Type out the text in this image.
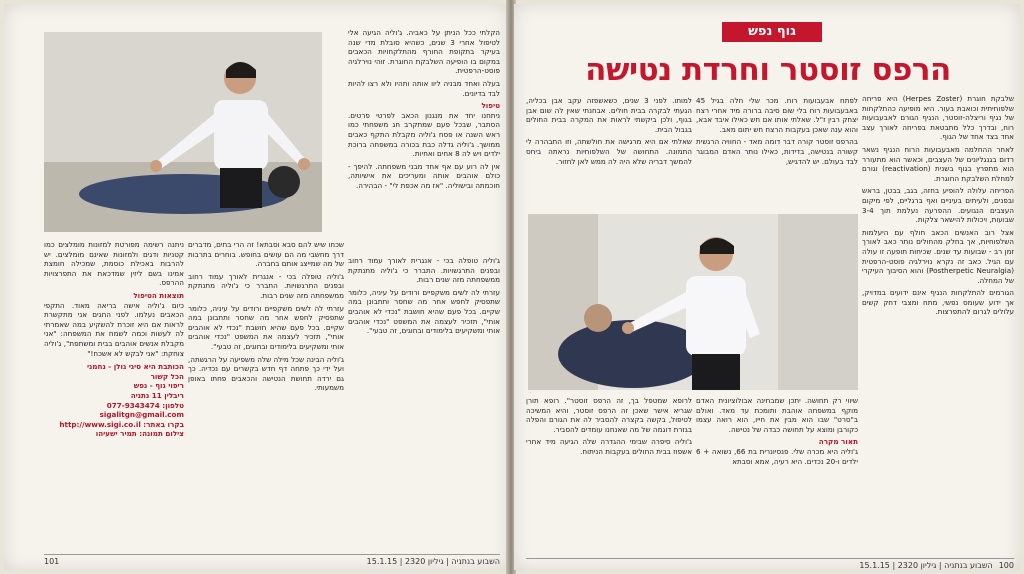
הקלתי ככל הניתן על כאביה. ג'וליה הגיעה אלי לטיפול אחרי 3 שנים, כשהיא סובלת מדי שנה בעיקר בתקופת החורף מהתלקחויות הכאבים במקום בו הופיעה השלבקת החוגרת. זוהי נוירלגיה פוסט-הרפטית.

בעלה ואחד מבניה ליוו אותה ותהיו ולא רצו להיות לבד בדיונים.

טיפול

ניתחנו יחד את מנגנון הכאב לפרטי פרטים. הסתבר, שבכל פעם שמתקרב חג משפחתי כמו ראש השנה או פסח ג'וליה מקבלת התקף כאבים ממושך. ג'וליה גדלה כבת בכורה במשפחה ברוכת ילדים ויש לה 8 אחים ואחיות.

אין לה רוע עם אף אחד מבני משפחתה. להיפך - כולם אוהבים אותה ומעריכים את אישיותה, חוכמתה ובישוליה. "אז מה אכפת לי" - הבהירה.

שכחו שיש להם סבא וסבתא! זה הרי בתים, מדברים דרך מחשבי מה הם עושים בחופש. בוחרים בתרבות של מה שמייצג אותם בחברה.

ג'וליה טופלה בכי - אנגרית לאורך עמוד רחוב ובפנים התרגשויות. התברר כי ג'וליה מתנתקת ממשפחתה מזה שנים רבות.

עזרתי לה לשים משקפיים ורודים על עיניה, כלומר שתפסיק לחפש אחר מה שחסר ותתבונן במה שקיים. בכל פעם שהיא חושבת "נכדי לא אוהבים אותי", תזכיר לעצמה את המשפט "נכדי אוהבים אותי ומשקיעים בלימודים ובחוגים, זה טבעי".

ג'וליה הבינה שכל מילה שלה משפיעה על הרגשתה, ועל ידי כך פתחה דף חדש בקשרים עם נכדיה. כך גם ירדה תחושת הנטישה והכאבים פחתו באופן משמעותי.

ג'וליה טופלה בכי - אנגרית לאורך עמוד רחוב ובפנים התרגשויות. התברר כי ג'וליה מתנתקת ממשפחתה מזה שנים רבות.

עזרתי לה לשים משקפיים ורודים על עיניה, כלומר שתפסיק לחפש אחר מה שחסר ותתבונן במה שקיים. בכל פעם שהיא חושבת "נכדי לא אוהבים אותי", תזכיר לעצמה את המשפט "נכדי אוהבים אותי ומשקיעים בלימודים ובחוגים, זה טבעי".

ניתנה רשימה מפורטת למזונות מומלצים כמו קטניות ודגים ולמזונות שאינם מומלצים. יש להרבות באכילת כוסמת, שמכילה חומצת אמינו בשם ליזין שמדכאת את התפרצויות ההרפס.

תוצאות הטיפול

כיום ג'וליה אישה בריאה מאוד. התקפי הכאבים נעלמו. לפני החגים אני מתקשרת לראות אם היא זוכרת להשקיע במה שאמרתי לה לעשות וכמה לשמח את המשפחה: "אני מקבלת אנשים אוהבים בבית ומשתפת", ג'וליה צוחקת: "אני לבקש לא אשכח!"

הכותבת היא סיגי גולן - נחמני
הכל קשור
ריפוי גוף - נפש
ריבלין 11 נתניה
טלפון: 077-9343474
sigalitgn@gmail.com
בקרו באתר: http://www.sigi.co.il
צילום תמונה: תמיר ישעיהו
השבוע בנתניה | גיליון 2320 | 15.1.15
101
גוף נפש
הרפס זוסטר וחרדת נטישה

שלבקת חוגרת (Herpes Zoster) היא פריחה שלפוחיתית וכואבת בעור. היא מופיעה כהתלקחות של נגיף וריצלה-זוסטר, הנגיף הגורם לאבעבועות רוח, ובדרך כלל מתבטאת בפריחה לאורך עצב אחד בצד אחד של הגוף.

לאחר ההחלמה מאבעבועות הרוח הנגיף נשאר רדום בגנגליונים של העצבים, וכאשר הוא מתעורר הוא מתפרץ בגוף בשנית (reactivation) וגורם למחלת השלבקת החוגרת.

הפריחה עלולה להופיע בחזה, בגב, בבטן, בראש ובפנים, ולעיתים בעיניים ואף ברגליים, לפי מיקום העצבים הנגועים. ההפרעה נעלמת תוך 3-4 שבועות, ויכולות להישאר צלקות.

אצל רוב האנשים הכאב חולף עם היעלמות השלפוחיות, אך בחלק מהחולים נותר כאב לאורך זמן רב - שבועות עד שנים. שכיחות תופעה זו עולה עם הגיל. כאב זה נקרא נוירלגיה פוסט-הרפטית (Postherpetic Neuralgia) והוא הסיבוך העיקרי של המחלה.

הגורמים להתלקחות הנגיף אינם ידועים במדויק, אך ידוע שעומס נפשי, מתח ומצבי דחק קשים עלולים לגרום להתפרצות.

לפתח אבעבועות רוח. מכר שלי חלה בגיל 45 באבעבועות רוח בלי שום סיבה ברורה מיד אחרי רצח יצחק רבין ז"ל. שאלתי אותו אם חש כאילו איבד אבא, והוא ענה שאכן בעקבות הרצח חש יתום מאב.

בהרפס זוסטר קורה דבר דומה מאד - החוויה הרגשית קשורה בנטישה, בדידות, כאילו נותר האדם המבוגר לבד בעולם. יש להדגיש,

למותו. לפני 3 שנים, כשאשפזה עקב אבן בכליה, הגעתי לבקרה בבית חולים. אבחנתי שאין לה שום אבן בגוף, ולכן ביקשתי לראות את המקרה בבית החולים בגבול הבית.

שאלתי אם היא מרגישה את חולשתה, וזו התבהרה לי התמונה. התחושה של השלפוחיות נראתה ביחס להמשך דבריה שלא היה לה ממש לאן לחזור.

שיווי רק תחושה. יתכן שמבחינה אבולוציונית האדם מוקף במשפחה אוהבת ותומכת עד מאד. ואולם ב"סרט" שבו הוא מבין את חייו, הוא רואה עצמו כקורבן ומוצא על תחושה כבדה של נטישה.

תאור מקרה

ג'וליה היא מכרה שלי. פנסיונרית בת 66, נשואה + 6 ילדים ו-20 נכדים. היא רעיה, אמא וסבתא

לרופא שמטפל בך, זה הרפס זוסטר". רופא תורן שגריא אישר שאכן זה הרפס זוסטר, והיא המשיכה לטיפול, בקשה בקצרה להסביר לה את הגורם והפלה בגזרת דוגמה של מה שאנחנו עומדים להסביר.

ג'וליה סיפרה שבימי ההגדרה שלה הגיעה מיד אחרי אשפוז בבית החולים בעקבות הניתוח.

100
השבוע בנתניה | גיליון 2320 | 15.1.15
